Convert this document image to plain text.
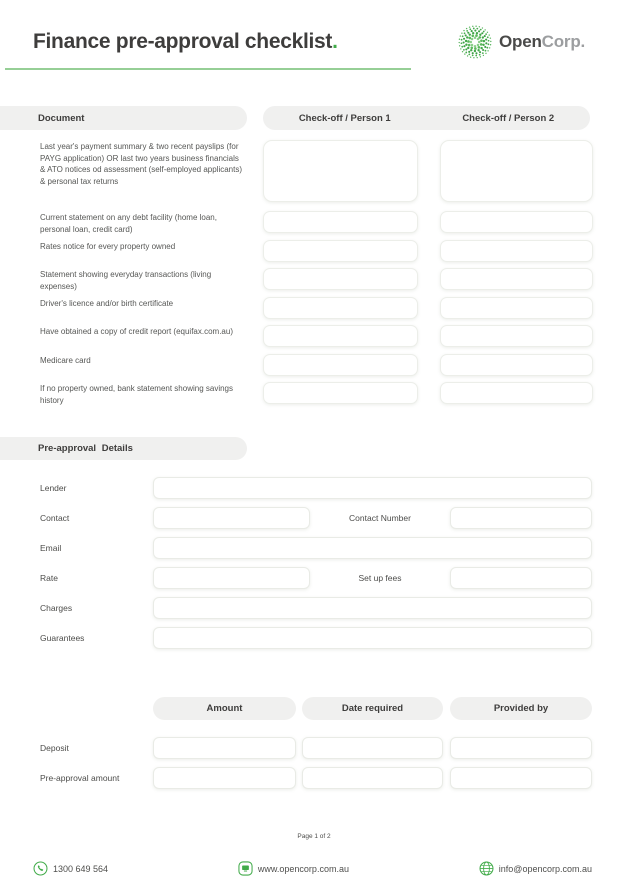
Finance pre-approval checklist.	OpenCorp.
Document	Check-off / Person 1	Check-off / Person 2
Last year's payment summary & two recent payslips (for PAYG application) OR last two years business financials & ATO notices od assessment (self-employed applicants) & personal tax returns
Current statement on any debt facility (home loan, personal loan, credit card)
Rates notice for every property owned
Statement showing everyday transactions (living expenses)
Driver's licence and/or birth certificate
Have obtained a copy of credit report (equifax.com.au)
Medicare card
If no property owned, bank statement showing savings history
Pre-approval Details
Lender
Contact	Contact Number
Email
Rate	Set up fees
Charges
Guarantees
Amount	Date required	Provided by
Deposit
Pre-approval amount
Page 1 of 2
1300 649 564	www.opencorp.com.au	info@opencorp.com.au
